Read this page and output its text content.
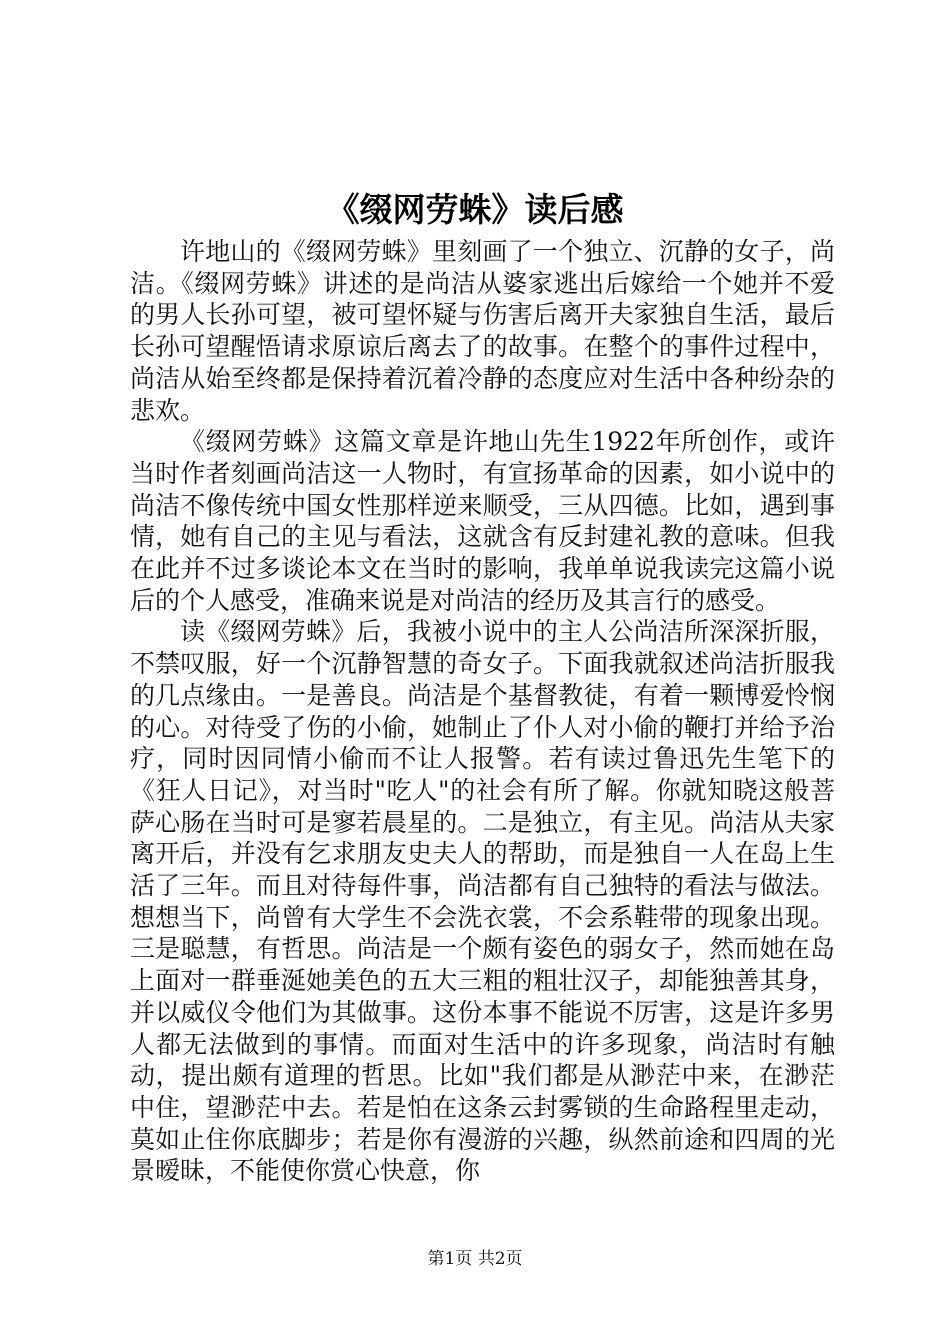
《缀网劳蛛》读后感

许地山的《缀网劳蛛》里刻画了一个独立、沉静的女子，尚洁。《缀网劳蛛》讲述的是尚洁从婆家逃出后嫁给一个她并不爱的男人长孙可望，被可望怀疑与伤害后离开夫家独自生活，最后长孙可望醒悟请求原谅后离去了的故事。在整个的事件过程中，尚洁从始至终都是保持着沉着冷静的态度应对生活中各种纷杂的悲欢。

《缀网劳蛛》这篇文章是许地山先生1922年所创作，或许当时作者刻画尚洁这一人物时，有宣扬革命的因素，如小说中的尚洁不像传统中国女性那样逆来顺受，三从四德。比如，遇到事情，她有自己的主见与看法，这就含有反封建礼教的意味。但我在此并不过多谈论本文在当时的影响，我单单说我读完这篇小说后的个人感受，准确来说是对尚洁的经历及其言行的感受。

读《缀网劳蛛》后，我被小说中的主人公尚洁所深深折服，不禁叹服，好一个沉静智慧的奇女子。下面我就叙述尚洁折服我的几点缘由。一是善良。尚洁是个基督教徒，有着一颗博爱怜悯的心。对待受了伤的小偷，她制止了仆人对小偷的鞭打并给予治疗，同时因同情小偷而不让人报警。若有读过鲁迅先生笔下的《狂人日记》，对当时"吃人"的社会有所了解。你就知晓这般菩萨心肠在当时可是寥若晨星的。二是独立，有主见。尚洁从夫家离开后，并没有乞求朋友史夫人的帮助，而是独自一人在岛上生活了三年。而且对待每件事，尚洁都有自己独特的看法与做法。想想当下，尚曾有大学生不会洗衣裳，不会系鞋带的现象出现。三是聪慧，有哲思。尚洁是一个颇有姿色的弱女子，然而她在岛上面对一群垂涎她美色的五大三粗的粗壮汉子，却能独善其身，并以威仪令他们为其做事。这份本事不能说不厉害，这是许多男人都无法做到的事情。而面对生活中的许多现象，尚洁时有触动，提出颇有道理的哲思。比如"我们都是从渺茫中来，在渺茫中住，望渺茫中去。若是怕在这条云封雾锁的生命路程里走动，莫如止住你底脚步；若是你有漫游的兴趣，纵然前途和四周的光景暧昧，不能使你赏心快意，你

第1页 共2页
